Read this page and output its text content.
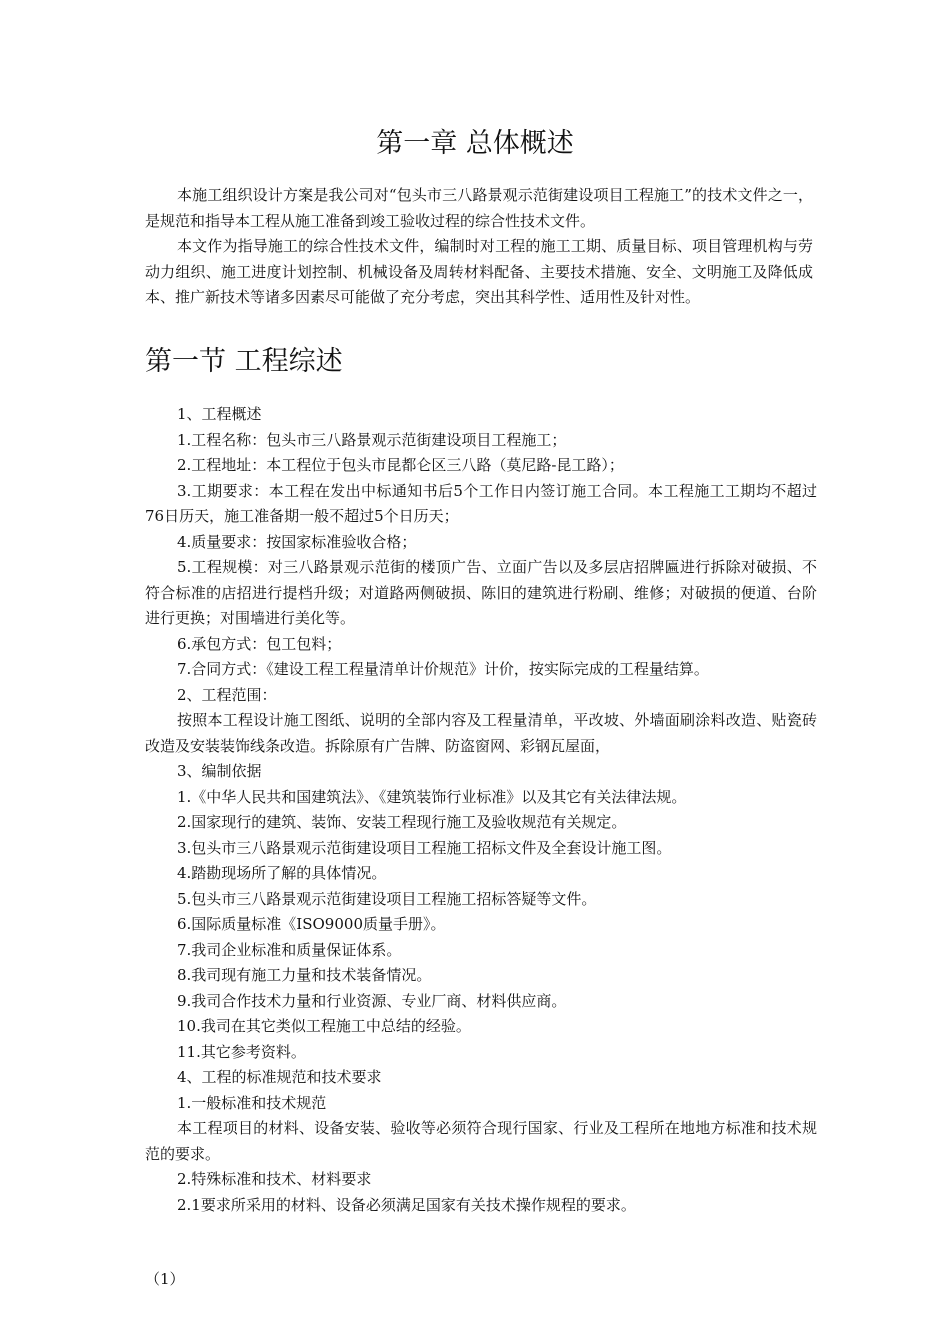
第一章 总体概述

本施工组织设计方案是我公司对“包头市三八路景观示范街建设项目工程施工”的技术文件之一，是规范和指导本工程从施工准备到竣工验收过程的综合性技术文件。

本文作为指导施工的综合性技术文件，编制时对工程的施工工期、质量目标、项目管理机构与劳动力组织、施工进度计划控制、机械设备及周转材料配备、主要技术措施、安全、文明施工及降低成本、推广新技术等诸多因素尽可能做了充分考虑，突出其科学性、适用性及针对性。

第一节 工程综述

1、工程概述

1.工程名称：包头市三八路景观示范街建设项目工程施工；

2.工程地址：本工程位于包头市昆都仑区三八路（莫尼路-昆工路）；

3.工期要求：本工程在发出中标通知书后5个工作日内签订施工合同。本工程施工工期均不超过76日历天，施工准备期一般不超过5个日历天；

4.质量要求：按国家标准验收合格；

5.工程规模：对三八路景观示范街的楼顶广告、立面广告以及多层店招牌匾进行拆除对破损、不符合标准的店招进行提档升级；对道路两侧破损、陈旧的建筑进行粉刷、维修；对破损的便道、台阶进行更换；对围墙进行美化等。

6.承包方式：包工包料；

7.合同方式：《建设工程工程量清单计价规范》计价，按实际完成的工程量结算。

2、工程范围：

按照本工程设计施工图纸、说明的全部内容及工程量清单，平改坡、外墙面刷涂料改造、贴瓷砖改造及安装装饰线条改造。拆除原有广告牌、防盗窗网、彩钢瓦屋面，

3、编制依据

1.《中华人民共和国建筑法》、《建筑装饰行业标准》以及其它有关法律法规。

2.国家现行的建筑、装饰、安装工程现行施工及验收规范有关规定。

3.包头市三八路景观示范街建设项目工程施工招标文件及全套设计施工图。

4.踏勘现场所了解的具体情况。

5.包头市三八路景观示范街建设项目工程施工招标答疑等文件。

6.国际质量标准《ISO9000质量手册》。

7.我司企业标准和质量保证体系。

8.我司现有施工力量和技术装备情况。

9.我司合作技术力量和行业资源、专业厂商、材料供应商。

10.我司在其它类似工程施工中总结的经验。

11.其它参考资料。

4、工程的标准规范和技术要求

1.一般标准和技术规范

本工程项目的材料、设备安装、验收等必须符合现行国家、行业及工程所在地地方标准和技术规范的要求。

2.特殊标准和技术、材料要求

2.1要求所采用的材料、设备必须满足国家有关技术操作规程的要求。

（1）
